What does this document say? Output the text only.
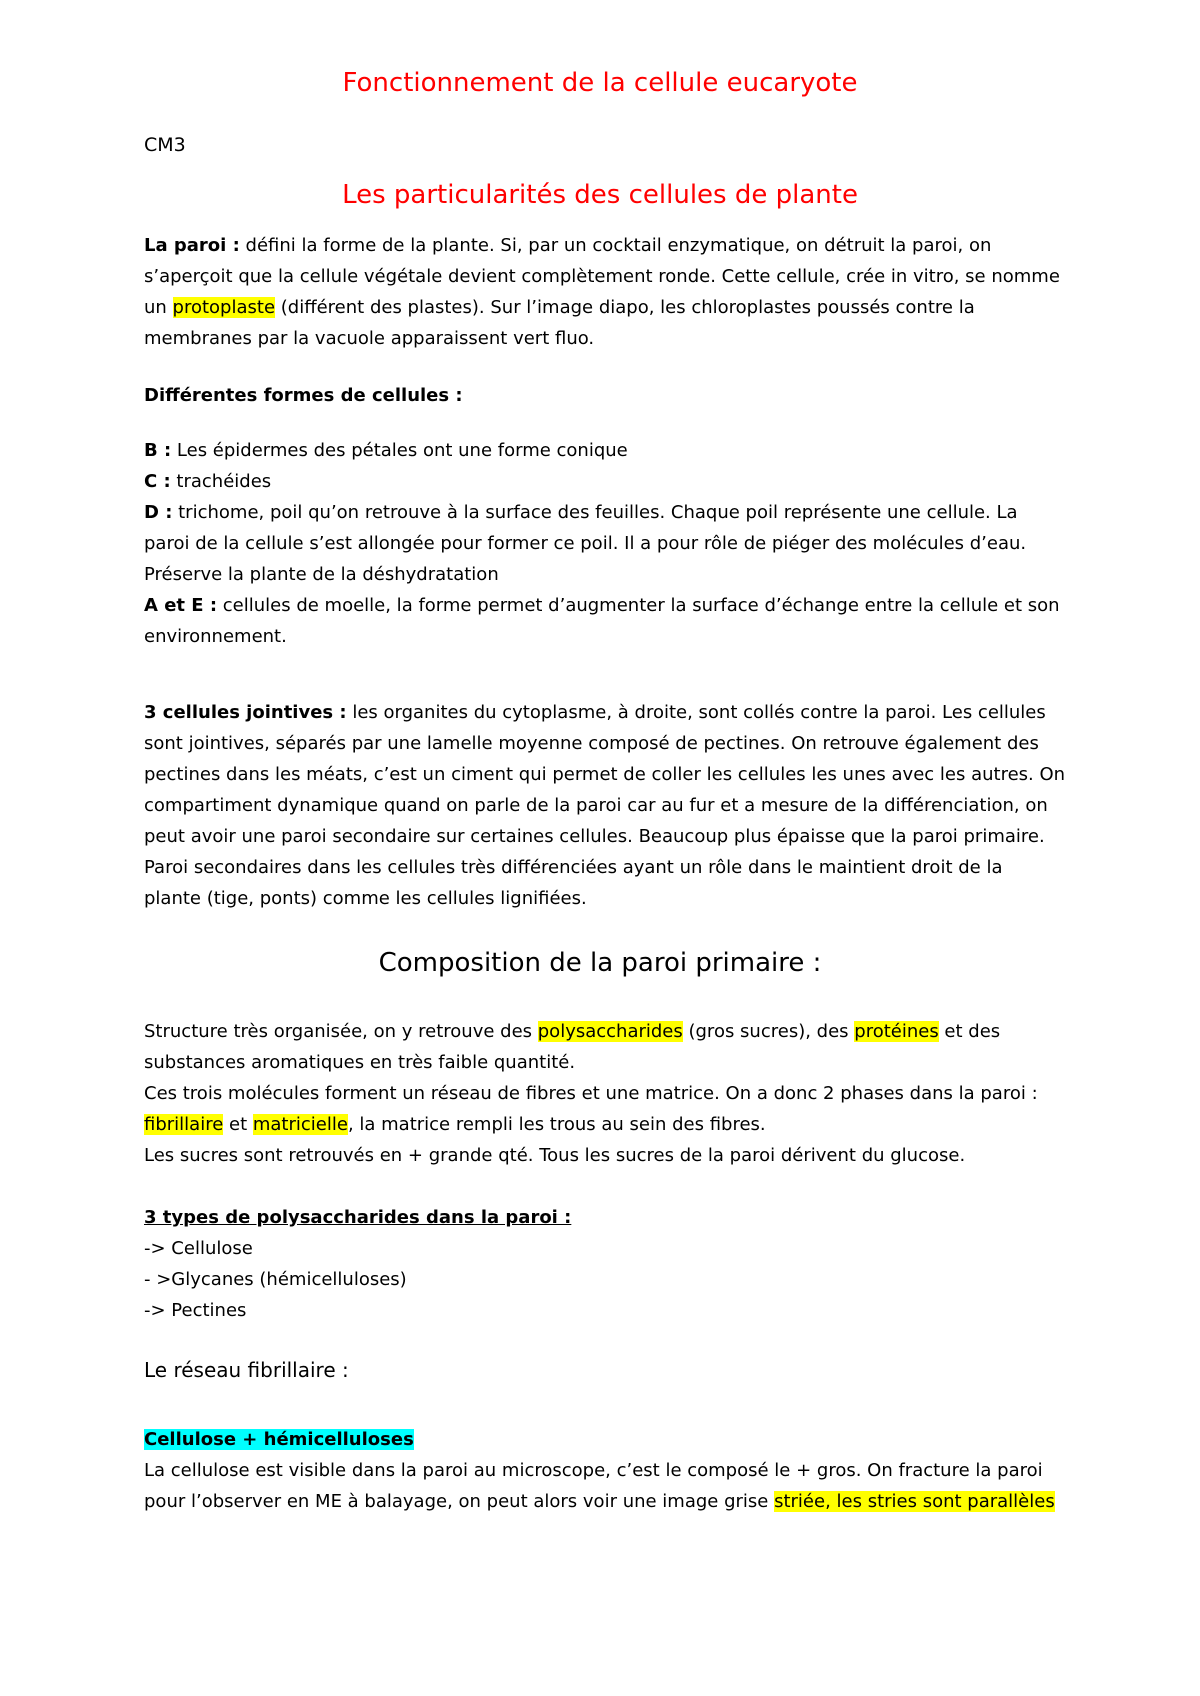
Fonctionnement de la cellule eucaryote

CM3

Les particularités des cellules de plante

La paroi : défini la forme de la plante. Si, par un cocktail enzymatique, on détruit la paroi, on

s’aperçoit que la cellule végétale devient complètement ronde. Cette cellule, crée in vitro, se nomme

un protoplaste (différent des plastes). Sur l’image diapo, les chloroplastes poussés contre la

membranes par la vacuole apparaissent vert fluo.

Différentes formes de cellules :

B : Les épidermes des pétales ont une forme conique

C : trachéides

D : trichome, poil qu’on retrouve à la surface des feuilles. Chaque poil représente une cellule. La

paroi de la cellule s’est allongée pour former ce poil. Il a pour rôle de piéger des molécules d’eau.

Préserve la plante de la déshydratation

A et E : cellules de moelle, la forme permet d’augmenter la surface d’échange entre la cellule et son

environnement.

3 cellules jointives : les organites du cytoplasme, à droite, sont collés contre la paroi. Les cellules

sont jointives, séparés par une lamelle moyenne composé de pectines. On retrouve également des

pectines dans les méats, c’est un ciment qui permet de coller les cellules les unes avec les autres. On

compartiment dynamique quand on parle de la paroi car au fur et a mesure de la différenciation, on

peut avoir une paroi secondaire sur certaines cellules. Beaucoup plus épaisse que la paroi primaire.

Paroi secondaires dans les cellules très différenciées ayant un rôle dans le maintient droit de la

plante (tige, ponts) comme les cellules lignifiées.

Composition de la paroi primaire :

Structure très organisée, on y retrouve des polysaccharides (gros sucres), des protéines et des

substances aromatiques en très faible quantité.

Ces trois molécules forment un réseau de fibres et une matrice. On a donc 2 phases dans la paroi :

fibrillaire et matricielle, la matrice rempli les trous au sein des fibres.

Les sucres sont retrouvés en + grande qté. Tous les sucres de la paroi dérivent du glucose.

3 types de polysaccharides dans la paroi :

-> Cellulose

- >Glycanes (hémicelluloses)

-> Pectines

Le réseau fibrillaire :

Cellulose + hémicelluloses

La cellulose est visible dans la paroi au microscope, c’est le composé le + gros. On fracture la paroi

pour l’observer en ME à balayage, on peut alors voir une image grise striée, les stries sont parallèles
